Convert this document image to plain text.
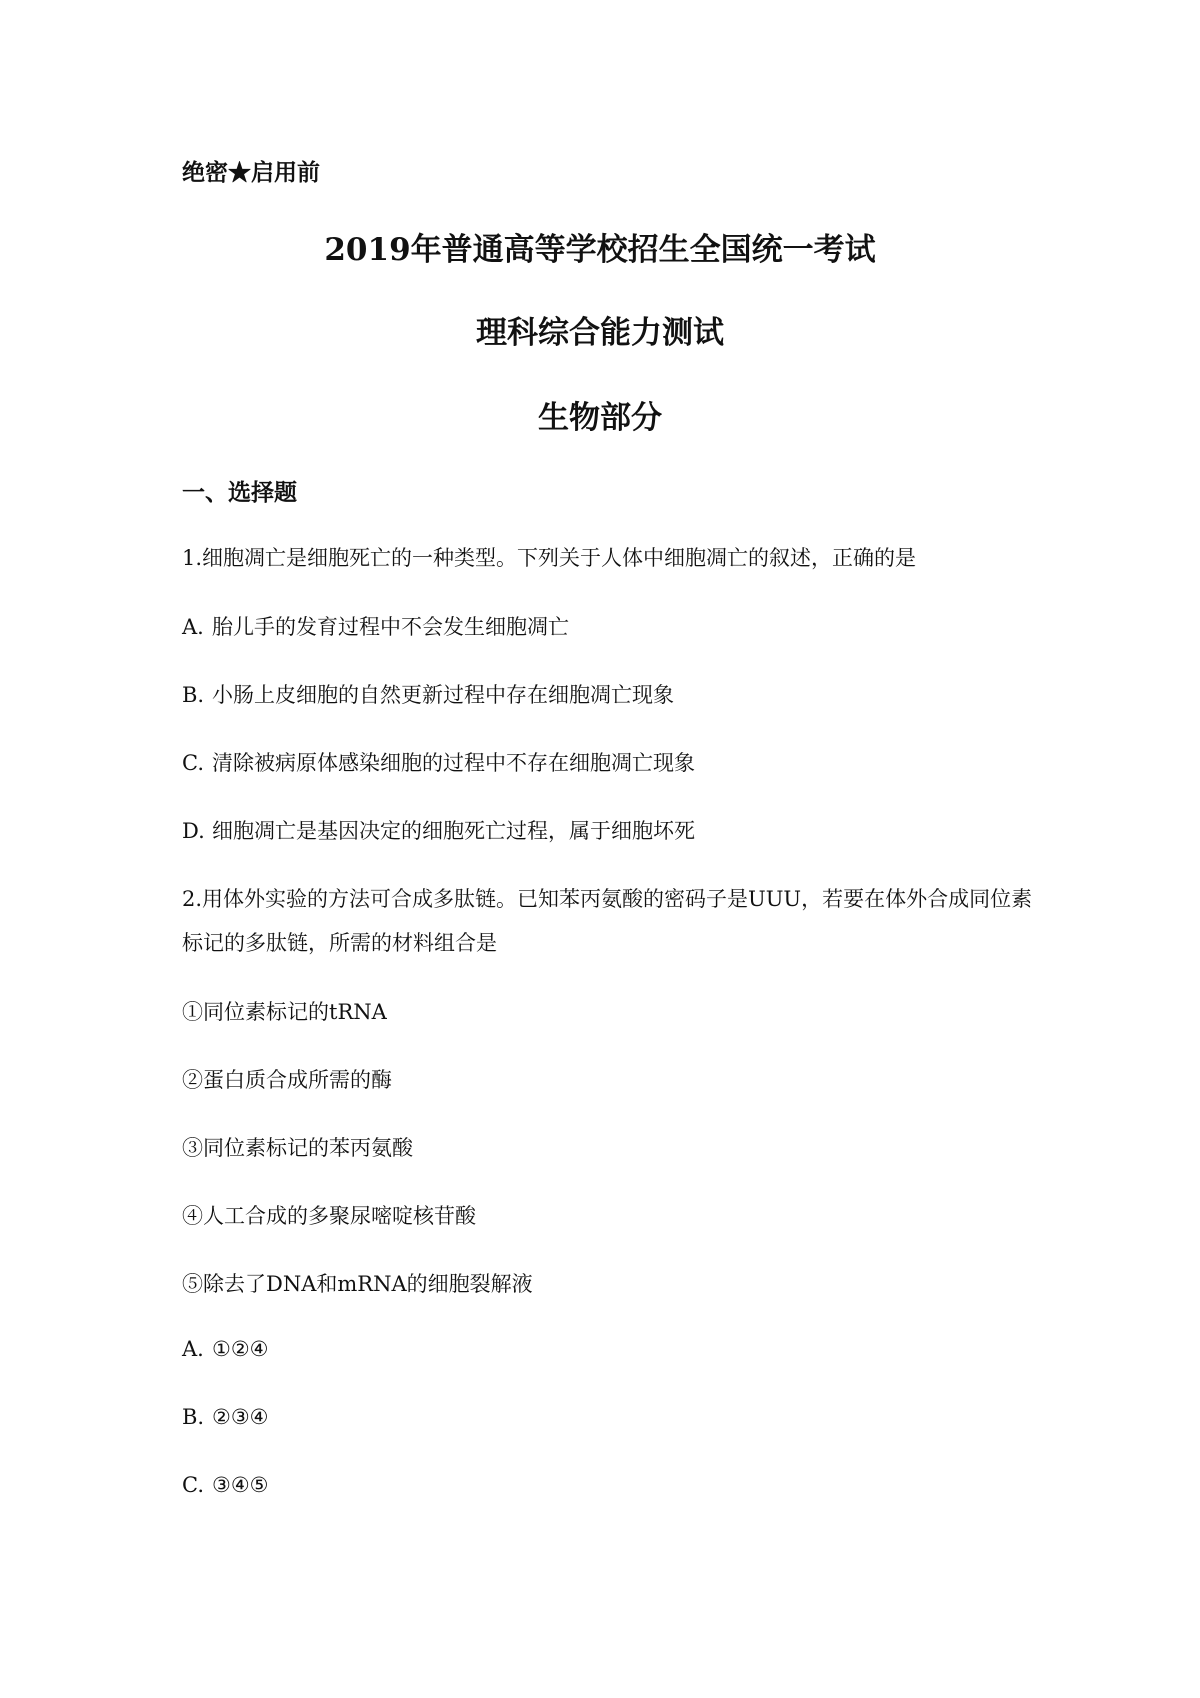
绝密★启用前
2019年普通高等学校招生全国统一考试
理科综合能力测试
生物部分
一、选择题
1.细胞凋亡是细胞死亡的一种类型。下列关于人体中细胞凋亡的叙述，正确的是
A. 胎儿手的发育过程中不会发生细胞凋亡
B. 小肠上皮细胞的自然更新过程中存在细胞凋亡现象
C. 清除被病原体感染细胞的过程中不存在细胞凋亡现象
D. 细胞凋亡是基因决定的细胞死亡过程，属于细胞坏死
2.用体外实验的方法可合成多肽链。已知苯丙氨酸的密码子是UUU，若要在体外合成同位素
标记的多肽链，所需的材料组合是
①同位素标记的tRNA
②蛋白质合成所需的酶
③同位素标记的苯丙氨酸
④人工合成的多聚尿嘧啶核苷酸
⑤除去了DNA和mRNA的细胞裂解液
A. ①②④
B. ②③④
C. ③④⑤
